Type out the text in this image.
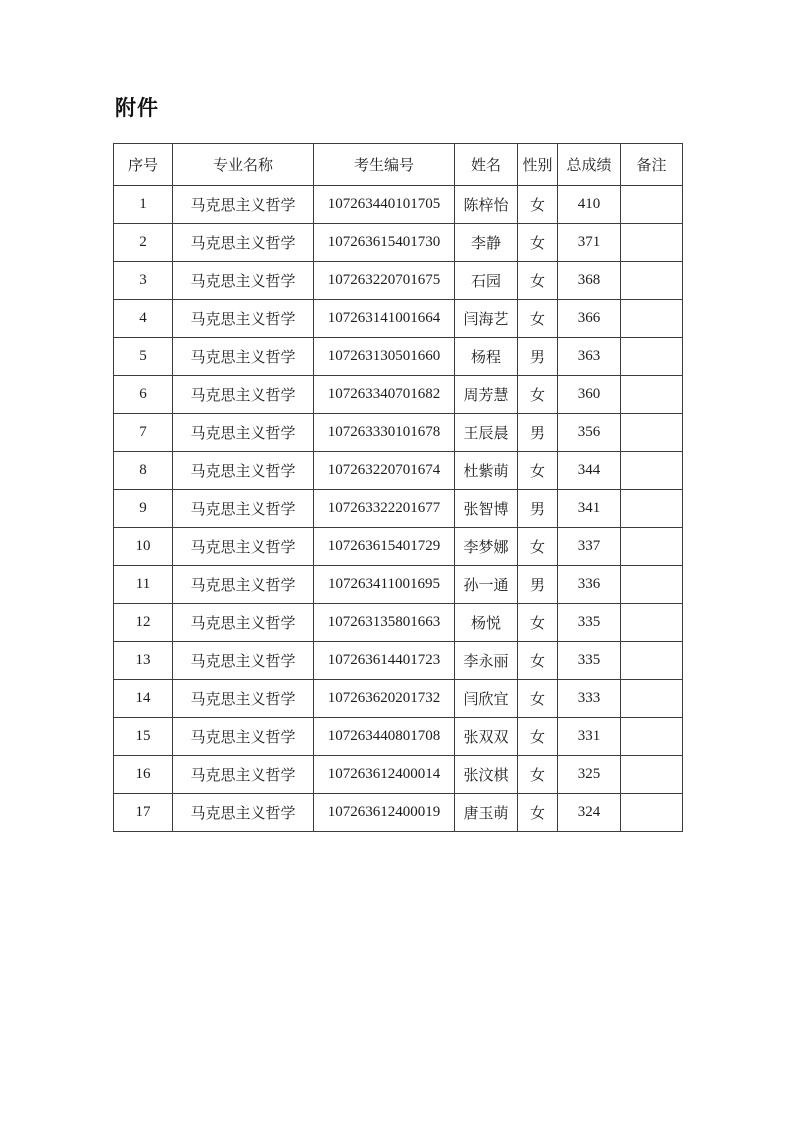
附件
序号	专业名称	考生编号	姓名	性别	总成绩	备注
1	马克思主义哲学	107263440101705	陈梓怡	女	410	
2	马克思主义哲学	107263615401730	李静	女	371	
3	马克思主义哲学	107263220701675	石园	女	368	
4	马克思主义哲学	107263141001664	闫海艺	女	366	
5	马克思主义哲学	107263130501660	杨程	男	363	
6	马克思主义哲学	107263340701682	周芳慧	女	360	
7	马克思主义哲学	107263330101678	王辰晨	男	356	
8	马克思主义哲学	107263220701674	杜紫萌	女	344	
9	马克思主义哲学	107263322201677	张智博	男	341	
10	马克思主义哲学	107263615401729	李梦娜	女	337	
11	马克思主义哲学	107263411001695	孙一通	男	336	
12	马克思主义哲学	107263135801663	杨悦	女	335	
13	马克思主义哲学	107263614401723	李永丽	女	335	
14	马克思主义哲学	107263620201732	闫欣宜	女	333	
15	马克思主义哲学	107263440801708	张双双	女	331	
16	马克思主义哲学	107263612400014	张汶棋	女	325	
17	马克思主义哲学	107263612400019	唐玉萌	女	324	
